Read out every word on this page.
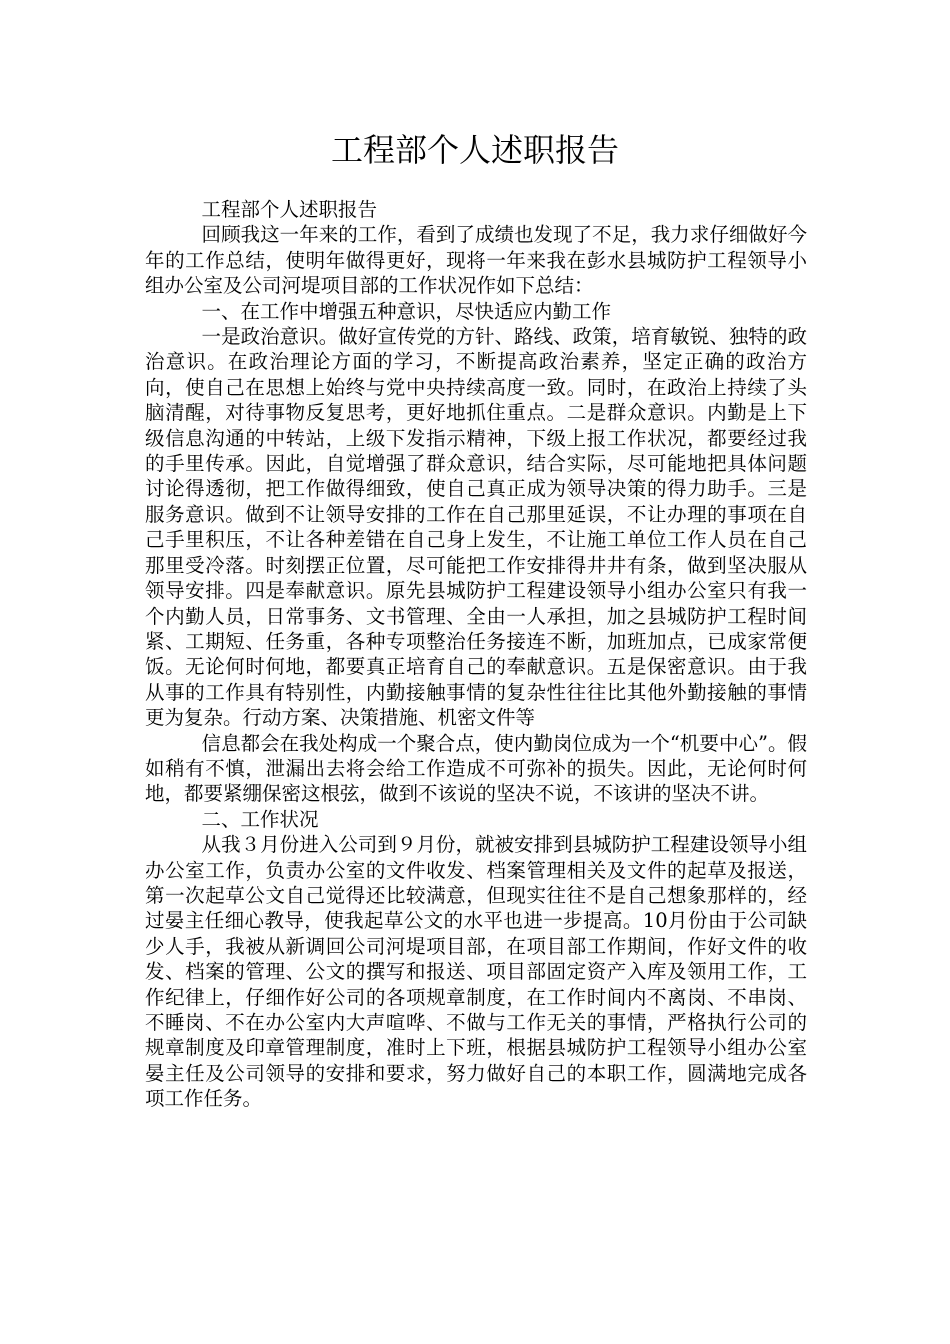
工程部个人述职报告

工程部个人述职报告

回顾我这一年来的工作，看到了成绩也发现了不足，我力求仔细做好今年的工作总结，使明年做得更好，现将一年来我在彭水县城防护工程领导小组办公室及公司河堤项目部的工作状况作如下总结：

一、在工作中增强五种意识，尽快适应内勤工作

一是政治意识。做好宣传党的方针、路线、政策，培育敏锐、独特的政治意识。在政治理论方面的学习，不断提高政治素养，坚定正确的政治方向，使自己在思想上始终与党中央持续高度一致。同时，在政治上持续了头脑清醒，对待事物反复思考，更好地抓住重点。二是群众意识。内勤是上下级信息沟通的中转站，上级下发指示精神，下级上报工作状况，都要经过我的手里传承。因此，自觉增强了群众意识，结合实际，尽可能地把具体问题讨论得透彻，把工作做得细致，使自己真正成为领导决策的得力助手。三是服务意识。做到不让领导安排的工作在自己那里延误，不让办理的事项在自己手里积压，不让各种差错在自己身上发生，不让施工单位工作人员在自己那里受冷落。时刻摆正位置，尽可能把工作安排得井井有条，做到坚决服从领导安排。四是奉献意识。原先县城防护工程建设领导小组办公室只有我一个内勤人员，日常事务、文书管理、全由一人承担，加之县城防护工程时间紧、工期短、任务重，各种专项整治任务接连不断，加班加点，已成家常便饭。无论何时何地，都要真正培育自己的奉献意识。五是保密意识。由于我从事的工作具有特别性，内勤接触事情的复杂性往往比其他外勤接触的事情更为复杂。行动方案、决策措施、机密文件等

信息都会在我处构成一个聚合点，使内勤岗位成为一个“机要中心”。假如稍有不慎，泄漏出去将会给工作造成不可弥补的损失。因此，无论何时何地，都要紧绷保密这根弦，做到不该说的坚决不说，不该讲的坚决不讲。

二、工作状况

从我３月份进入公司到９月份，就被安排到县城防护工程建设领导小组办公室工作，负责办公室的文件收发、档案管理相关及文件的起草及报送，第一次起草公文自己觉得还比较满意，但现实往往不是自己想象那样的，经过晏主任细心教导，使我起草公文的水平也进一步提高。10月份由于公司缺少人手，我被从新调回公司河堤项目部，在项目部工作期间，作好文件的收发、档案的管理、公文的撰写和报送、项目部固定资产入库及领用工作，工作纪律上，仔细作好公司的各项规章制度，在工作时间内不离岗、不串岗、不睡岗、不在办公室内大声喧哗、不做与工作无关的事情，严格执行公司的规章制度及印章管理制度，准时上下班，根据县城防护工程领导小组办公室晏主任及公司领导的安排和要求，努力做好自己的本职工作，圆满地完成各项工作任务。
